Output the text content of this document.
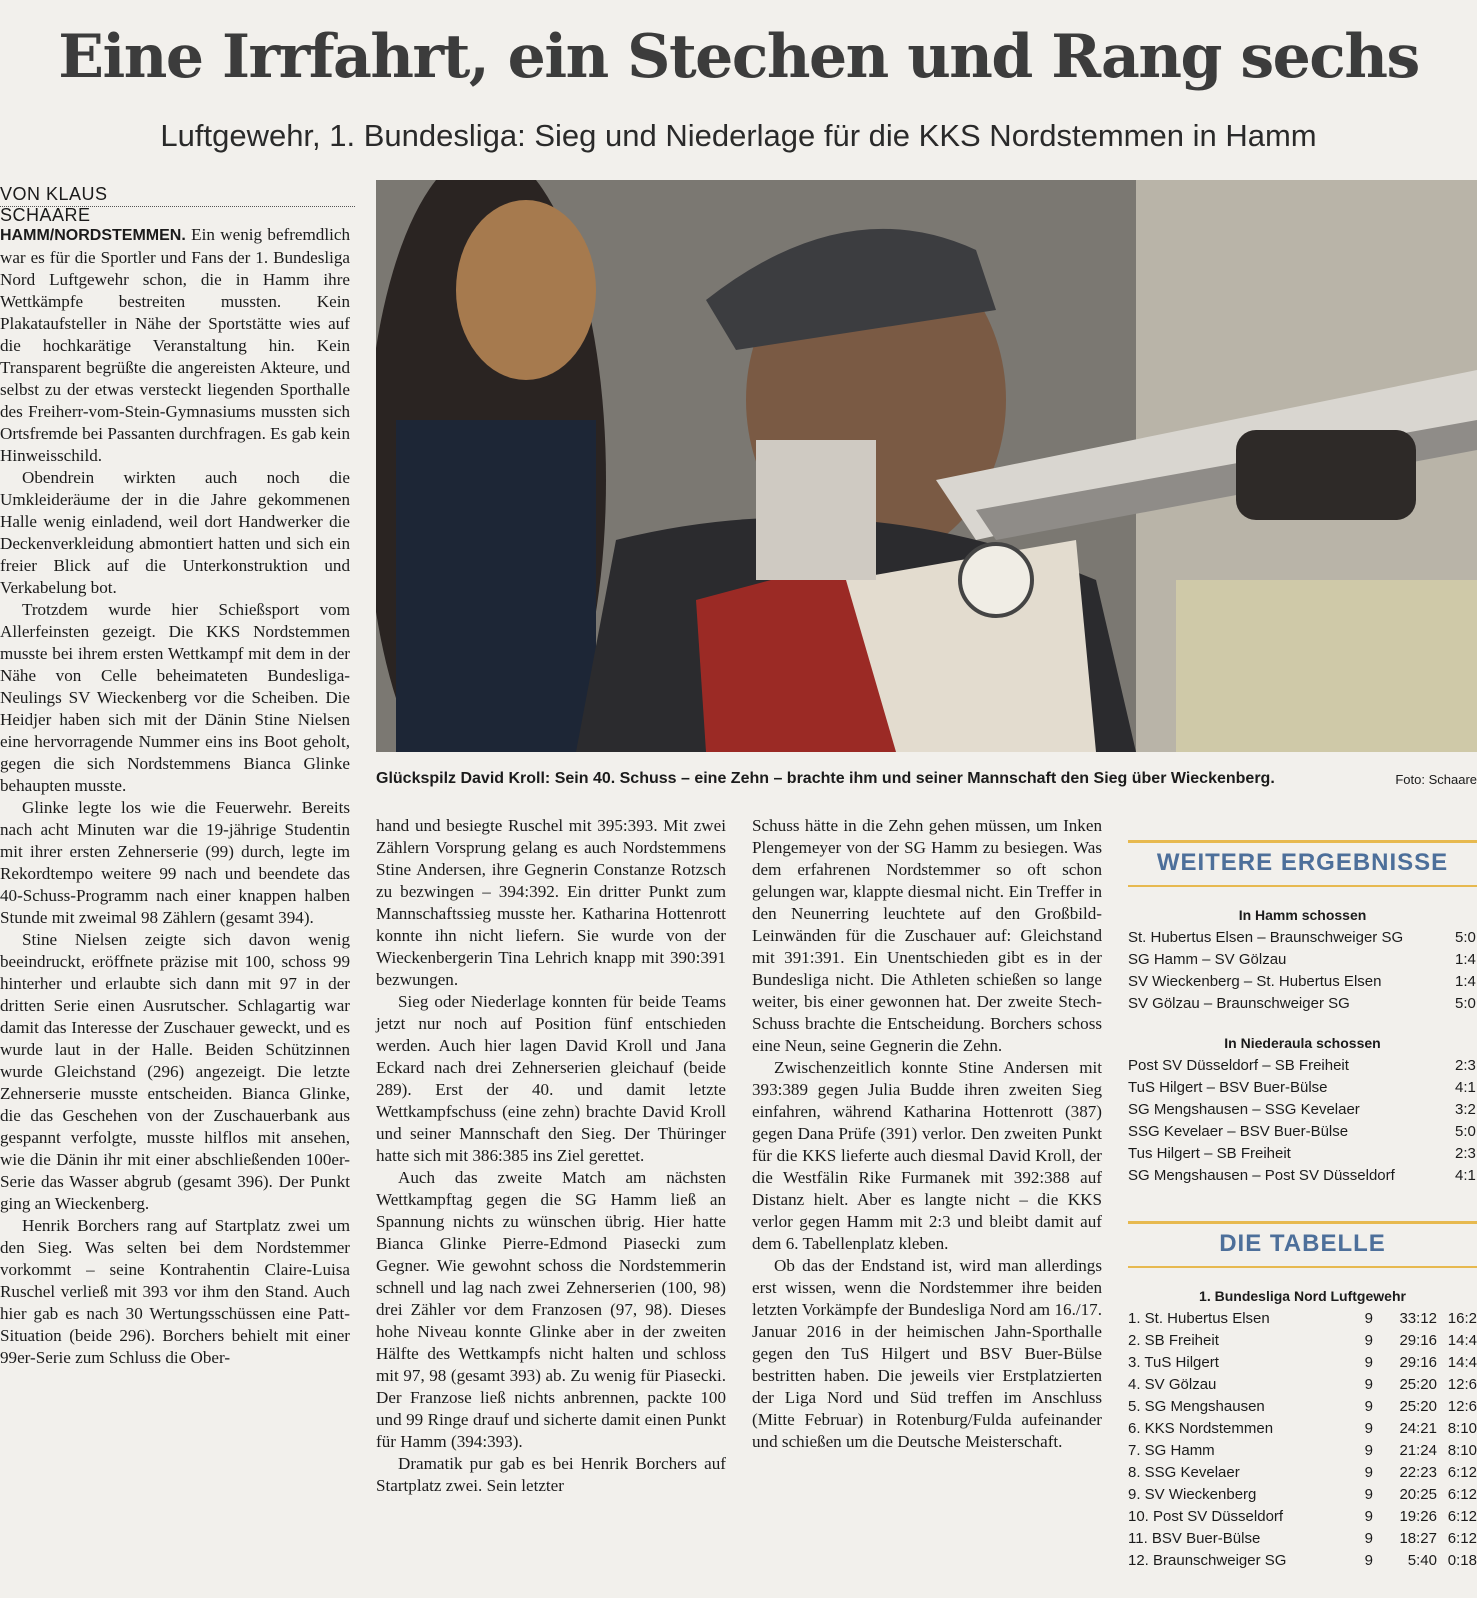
Eine Irrfahrt, ein Stechen und Rang sechs
Luftgewehr, 1. Bundesliga: Sieg und Niederlage für die KKS Nordstemmen in Hamm
VON KLAUS SCHAARE

HAMM/NORDSTEMMEN. Ein wenig befremdlich war es für die Sportler und Fans der 1. Bundesliga Nord Luftgewehr schon, die in Hamm ihre Wettkämpfe bestreiten mussten. Kein Plakataufsteller in Nähe der Sportstätte wies auf die hochkarätige Veranstaltung hin. Kein Transparent begrüßte die angereisten Akteure, und selbst zu der etwas versteckt liegenden Sporthalle des Freiherr-vom-Stein-Gymnasiums mussten sich Ortsfremde bei Passanten durchfragen. Es gab kein Hinweisschild.

Obendrein wirkten auch noch die Umkleideräume der in die Jahre gekommenen Halle wenig einladend, weil dort Handwerker die Deckenverkleidung abmontiert hatten und sich ein freier Blick auf die Unterkonstruktion und Verkabelung bot.

Trotzdem wurde hier Schießsport vom Allerfeinsten gezeigt. Die KKS Nordstemmen musste bei ihrem ersten Wettkampf mit dem in der Nähe von Celle beheimateten Bundesliga-Neulings SV Wieckenberg vor die Scheiben. Die Heidjer haben sich mit der Dänin Stine Nielsen eine hervorragende Nummer eins ins Boot geholt, gegen die sich Nordstemmens Bianca Glinke behaupten musste.

Glinke legte los wie die Feuerwehr. Bereits nach acht Minuten war die 19-jährige Studentin mit ihrer ersten Zehnerserie (99) durch, legte im Rekordtempo weitere 99 nach und beendete das 40-Schuss-Programm nach einer knappen halben Stunde mit zweimal 98 Zählern (gesamt 394).

Stine Nielsen zeigte sich davon wenig beeindruckt, eröffnete präzise mit 100, schoss 99 hinterher und erlaubte sich dann mit 97 in der dritten Serie einen Ausrutscher. Schlagartig war damit das Interesse der Zuschauer geweckt, und es wurde laut in der Halle. Beiden Schützinnen wurde Gleichstand (296) angezeigt. Die letzte Zehnerserie musste entscheiden. Bianca Glinke, die das Geschehen von der Zuschauerbank aus gespannt verfolgte, musste hilflos mit ansehen, wie die Dänin ihr mit einer abschließenden 100er-Serie das Wasser abgrub (gesamt 396). Der Punkt ging an Wieckenberg.

Henrik Borchers rang auf Startplatz zwei um den Sieg. Was selten bei dem Nordstemmer vorkommt – seine Kontrahentin Claire-Luisa Ruschel verließ mit 393 vor ihm den Stand. Auch hier gab es nach 30 Wertungsschüssen eine Patt-Situation (beide 296). Borchers behielt mit einer 99er-Serie zum Schluss die Ober-

Glückspilz David Kroll: Sein 40. Schuss – eine Zehn – brachte ihm und seiner Mannschaft den Sieg über Wieckenberg.	Foto: Schaare

hand und besiegte Ruschel mit 395:393. Mit zwei Zählern Vorsprung gelang es auch Nordstemmens Stine Andersen, ihre Gegnerin Constanze Rotzsch zu bezwingen – 394:392. Ein dritter Punkt zum Mannschaftssieg musste her. Katharina Hottenrott konnte ihn nicht liefern. Sie wurde von der Wieckenbergerin Tina Lehrich knapp mit 390:391 bezwungen.

Sieg oder Niederlage konnten für beide Teams jetzt nur noch auf Position fünf entschieden werden. Auch hier lagen David Kroll und Jana Eckard nach drei Zehnerserien gleichauf (beide 289). Erst der 40. und damit letzte Wettkampfschuss (eine zehn) brachte David Kroll und seiner Mannschaft den Sieg. Der Thüringer hatte sich mit 386:385 ins Ziel gerettet.

Auch das zweite Match am nächsten Wettkampftag gegen die SG Hamm ließ an Spannung nichts zu wünschen übrig. Hier hatte Bianca Glinke Pierre-Edmond Piasecki zum Gegner. Wie gewohnt schoss die Nordstemmerin schnell und lag nach zwei Zehnerserien (100, 98) drei Zähler vor dem Franzosen (97, 98). Dieses hohe Niveau konnte Glinke aber in der zweiten Hälfte des Wettkampfs nicht halten und schloss mit 97, 98 (gesamt 393) ab. Zu wenig für Piasecki. Der Franzose ließ nichts anbrennen, packte 100 und 99 Ringe drauf und sicherte damit einen Punkt für Hamm (394:393).

Dramatik pur gab es bei Henrik Borchers auf Startplatz zwei. Sein letzter

Schuss hätte in die Zehn gehen müssen, um Inken Plengemeyer von der SG Hamm zu besiegen. Was dem erfahrenen Nordstemmer so oft schon gelungen war, klappte diesmal nicht. Ein Treffer in den Neunerring leuchtete auf den Großbild-Leinwänden für die Zuschauer auf: Gleichstand mit 391:391. Ein Unentschieden gibt es in der Bundesliga nicht. Die Athleten schießen so lange weiter, bis einer gewonnen hat. Der zweite Stech-Schuss brachte die Entscheidung. Borchers schoss eine Neun, seine Gegnerin die Zehn.

Zwischenzeitlich konnte Stine Andersen mit 393:389 gegen Julia Budde ihren zweiten Sieg einfahren, während Katharina Hottenrott (387) gegen Dana Prüfe (391) verlor. Den zweiten Punkt für die KKS lieferte auch diesmal David Kroll, der die Westfälin Rike Furmanek mit 392:388 auf Distanz hielt. Aber es langte nicht – die KKS verlor gegen Hamm mit 2:3 und bleibt damit auf dem 6. Tabellenplatz kleben.

Ob das der Endstand ist, wird man allerdings erst wissen, wenn die Nordstemmer ihre beiden letzten Vorkämpfe der Bundesliga Nord am 16./17. Januar 2016 in der heimischen Jahn-Sporthalle gegen den TuS Hilgert und BSV Buer-Bülse bestritten haben. Die jeweils vier Erstplatzierten der Liga Nord und Süd treffen im Anschluss (Mitte Februar) in Rotenburg/Fulda aufeinander und schießen um die Deutsche Meisterschaft.

WEITERE ERGEBNISSE
In Hamm schossen
St. Hubertus Elsen – Braunschweiger SG	5:0
SG Hamm – SV Gölzau	1:4
SV Wieckenberg – St. Hubertus Elsen	1:4
SV Gölzau – Braunschweiger SG	5:0
In Niederaula schossen
Post SV Düsseldorf – SB Freiheit	2:3
TuS Hilgert – BSV Buer-Bülse	4:1
SG Mengshausen – SSG Kevelaer	3:2
SSG Kevelaer – BSV Buer-Bülse	5:0
Tus Hilgert – SB Freiheit	2:3
SG Mengshausen – Post SV Düsseldorf	4:1
DIE TABELLE
1. Bundesliga Nord Luftgewehr
1. St. Hubertus Elsen	9	33:12 16:2
2. SB Freiheit	9	29:16 14:4
3. TuS Hilgert	9	29:16 14:4
4. SV Gölzau	9	25:20 12:6
5. SG Mengshausen	9	25:20 12:6
6. KKS Nordstemmen	9	24:21 8:10
7. SG Hamm	9	21:24 8:10
8. SSG Kevelaer	9	22:23 6:12
9. SV Wieckenberg	9	20:25 6:12
10. Post SV Düsseldorf	9	19:26 6:12
11. BSV Buer-Bülse	9	18:27 6:12
12. Braunschweiger SG	9	5:40 0:18
